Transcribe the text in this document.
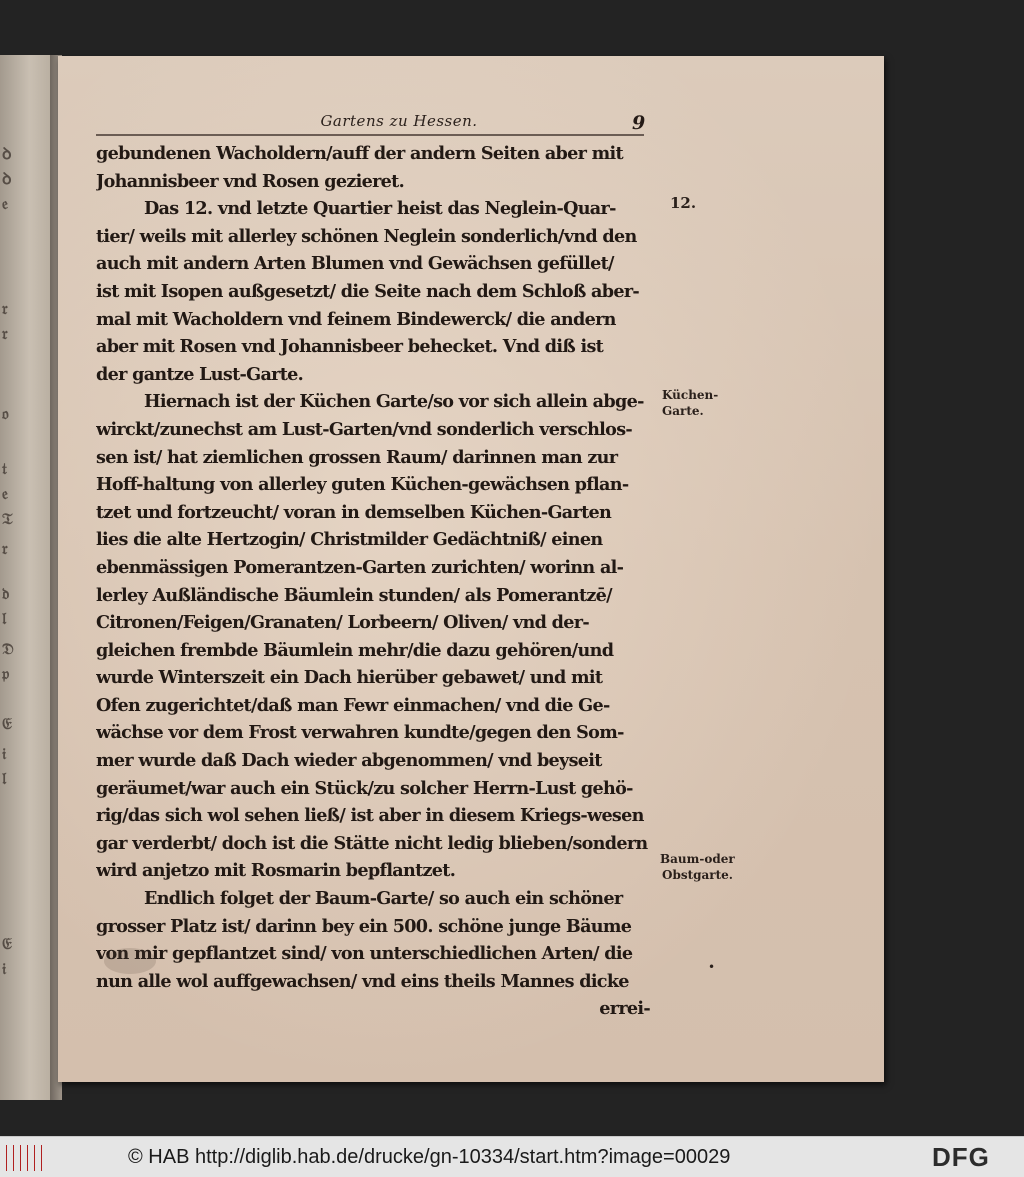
ꝺ
ꝺ
𝔢
𝔯
𝔯
𝔬
𝔱
𝔢
𝔗
𝔯
𝔡
𝔩
𝔇
𝔭
𝔈
𝔦
𝔩
𝔈
𝔦
Gartens zu Hessen.	9
gebundenen Wacholdern/auff der andern Seiten aber mit
Johannisbeer vnd Rosen gezieret.
Das 12. vnd letzte Quartier heist das Neglein-Quar-
tier/ weils mit allerley schönen Neglein sonderlich/vnd den
auch mit andern Arten Blumen vnd Gewächsen gefüllet/
ist mit Isopen außgesetzt/ die Seite nach dem Schloß aber-
mal mit Wacholdern vnd feinem Bindewerck/ die andern
aber mit Rosen vnd Johannisbeer behecket. Vnd diß ist
der gantze Lust-Garte.
Hiernach ist der Küchen Garte/so vor sich allein abge-
wirckt/zunechst am Lust-Garten/vnd sonderlich verschlos-
sen ist/ hat ziemlichen grossen Raum/ darinnen man zur
Hoff-haltung von allerley guten Küchen-gewächsen pflan-
tzet und fortzeucht/ voran in demselben Küchen-Garten
lies die alte Hertzogin/ Christmilder Gedächtniß/ einen
ebenmässigen Pomerantzen-Garten zurichten/ worinn al-
lerley Außländische Bäumlein stunden/ als Pomerantzē/
Citronen/Feigen/Granaten/ Lorbeern/ Oliven/ vnd der-
gleichen frembde Bäumlein mehr/die dazu gehören/und
wurde Winterszeit ein Dach hierüber gebawet/ und mit
Ofen zugerichtet/daß man Fewr einmachen/ vnd die Ge-
wächse vor dem Frost verwahren kundte/gegen den Som-
mer wurde daß Dach wieder abgenommen/ vnd beyseit
geräumet/war auch ein Stück/zu solcher Herrn-Lust gehö-
rig/das sich wol sehen ließ/ ist aber in diesem Kriegs-wesen
gar verderbt/ doch ist die Stätte nicht ledig blieben/sondern
wird anjetzo mit Rosmarin bepflantzet.
Endlich folget der Baum-Garte/ so auch ein schöner
grosser Platz ist/ darinn bey ein 500. schöne junge Bäume
von mir gepflantzet sind/ von unterschiedlichen Arten/ die
nun alle wol auffgewachsen/ vnd eins theils Mannes dicke
errei-
12.
Küchen-
Garte.
Baum-oder
Obstgarte.
•
© HAB http://diglib.hab.de/drucke/gn-10334/start.htm?image=00029	DFG
